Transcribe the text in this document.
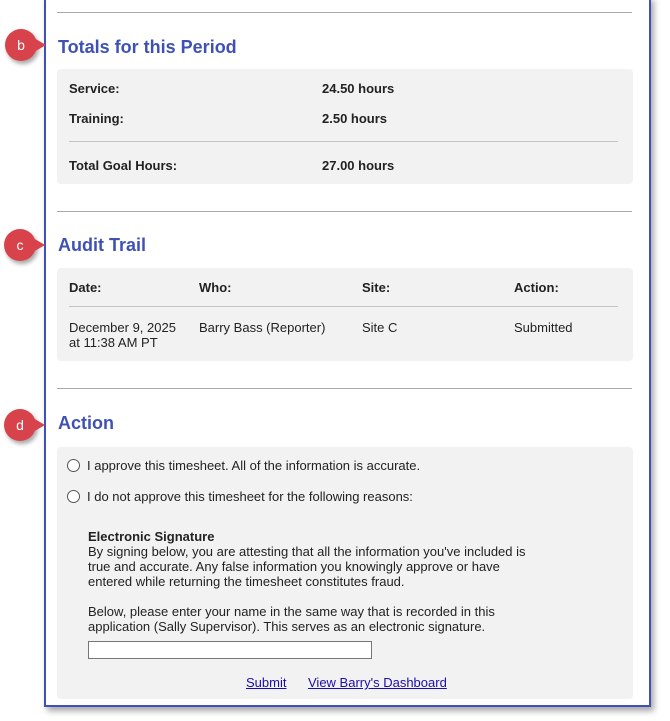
b	Totals for this Period
Service:	24.50 hours
Training:	2.50 hours
Total Goal Hours:	27.00 hours
c	Audit Trail
Date:	Who:	Site:	Action:
December 9, 2025
at 11:38 AM PT
Barry Bass (Reporter)	Site C	Submitted
d	Action
I approve this timesheet. All of the information is accurate.
I do not approve this timesheet for the following reasons:
Electronic Signature
By signing below, you are attesting that all the information you've included is true and accurate. Any false information you knowingly approve or have entered while returning the timesheet constitutes fraud.
Below, please enter your name in the same way that is recorded in this application (Sally Supervisor). This serves as an electronic signature.
Submit View Barry's Dashboard
